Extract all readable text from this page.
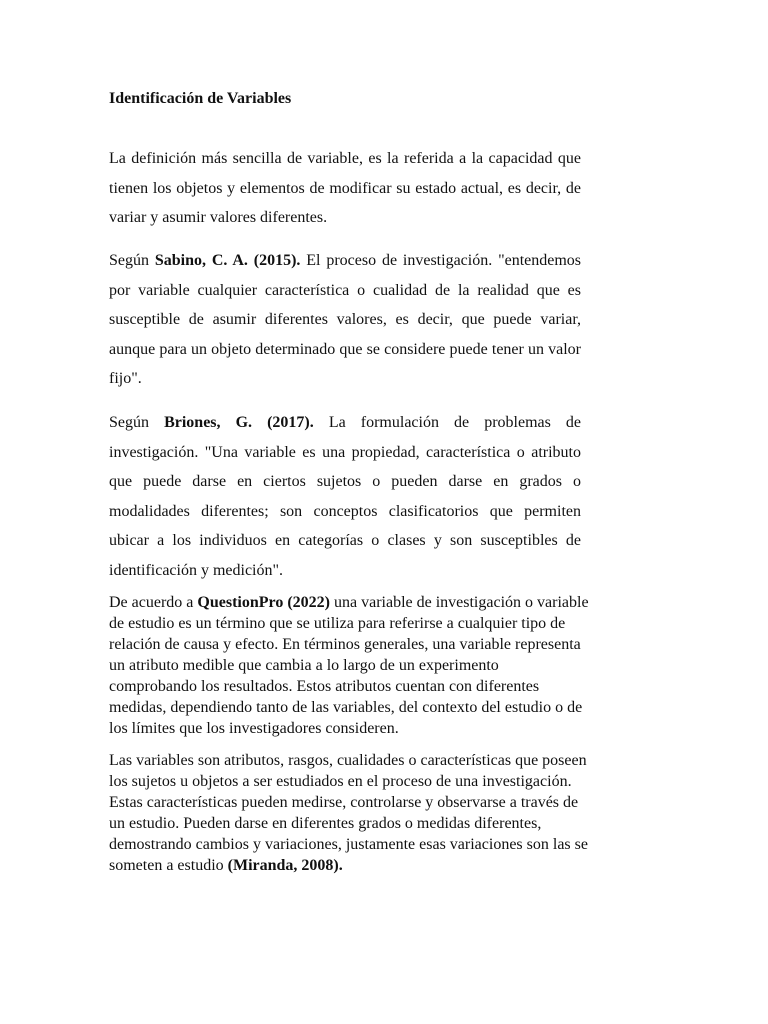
Identificación de Variables

La definición más sencilla de variable, es la referida a la capacidad que tienen los objetos y elementos de modificar su estado actual, es decir, de variar y asumir valores diferentes.

Según Sabino, C. A. (2015). El proceso de investigación. "entendemos por variable cualquier característica o cualidad de la realidad que es susceptible de asumir diferentes valores, es decir, que puede variar, aunque para un objeto determinado que se considere puede tener un valor fijo".

Según Briones, G. (2017). La formulación de problemas de investigación. "Una variable es una propiedad, característica o atributo que puede darse en ciertos sujetos o pueden darse en grados o modalidades diferentes; son conceptos clasificatorios que permiten ubicar a los individuos en categorías o clases y son susceptibles de identificación y medición".

De acuerdo a QuestionPro (2022) una variable de investigación o variable de estudio es un término que se utiliza para referirse a cualquier tipo de relación de causa y efecto. En términos generales, una variable representa un atributo medible que cambia a lo largo de un experimento comprobando los resultados. Estos atributos cuentan con diferentes medidas, dependiendo tanto de las variables, del contexto del estudio o de los límites que los investigadores consideren.

Las variables son atributos, rasgos, cualidades o características que poseen los sujetos u objetos a ser estudiados en el proceso de una investigación. Estas características pueden medirse, controlarse y observarse a través de un estudio. Pueden darse en diferentes grados o medidas diferentes, demostrando cambios y variaciones, justamente esas variaciones son las se someten a estudio (Miranda, 2008).
